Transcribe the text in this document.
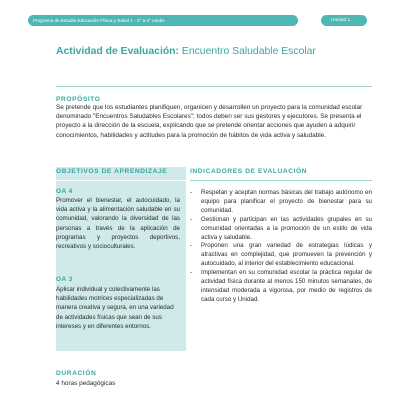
Programa de Estudio Educación Física y Salud 1 - 3° a 4° medio	Unidad 1
Actividad de Evaluación: Encuentro Saludable Escolar
PROPÓSITO
Se pretende que los estudiantes planifiquen, organicen y desarrollen un proyecto para la comunidad escolar denominado "Encuentros Saludables Escolares"; todos deben ser sus gestores y ejecutores. Se presenta el proyecto a la dirección de la escuela, explicando que se pretende orientar acciones que ayuden a adquirir conocimientos, habilidades y actitudes para la promoción de hábitos de vida activa y saludable.
OBJETIVOS DE APRENDIZAJE
OA 4
Promover el bienestar, el autocuidado, la vida activa y la alimentación saludable en su comunidad, valorando la diversidad de las personas a través de la aplicación de programas y proyectos deportivos, recreativos y socioculturales.
OA 3
Aplicar individual y colectivamente las habilidades motrices especializadas de manera creativa y segura, en una variedad de actividades físicas que sean de sus intereses y en diferentes entornos.
INDICADORES DE EVALUACIÓN
- Respetan y aceptan normas básicas del trabajo autónomo en equipo para planificar el proyecto de bienestar para su comunidad.
- Gestionan y participan en las actividades grupales en su comunidad orientadas a la promoción de un estilo de vida activa y saludable.
- Proponen una gran variedad de estrategias lúdicas y atractivas en complejidad, que promueven la prevención y autocuidado, al interior del establecimiento educacional.
- Implementan en su comunidad escolar la práctica regular de actividad física durante al menos 150 minutos semanales, de intensidad moderada a vigorosa, por medio de registros de cada curso y Unidad.
DURACIÓN
4 horas pedagógicas
